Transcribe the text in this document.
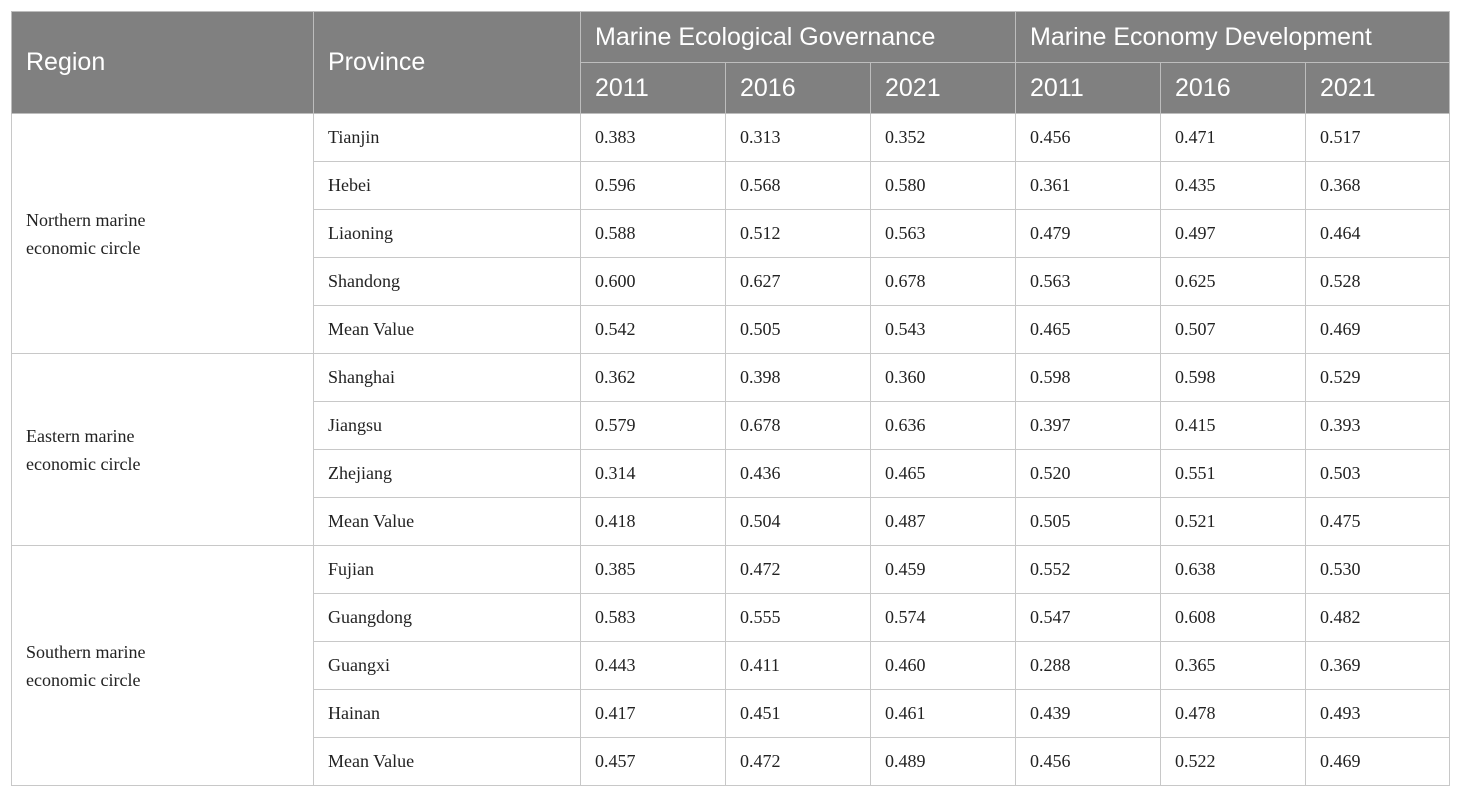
Region	Province	Marine Ecological Governance			Marine Economy Development		
		2011	2016	2021	2011	2016	2021

Northern marine
economic circle	Tianjin	0.383	0.313	0.352	0.456	0.471	0.517
	Hebei	0.596	0.568	0.580	0.361	0.435	0.368
	Liaoning	0.588	0.512	0.563	0.479	0.497	0.464
	Shandong	0.600	0.627	0.678	0.563	0.625	0.528
	Mean Value	0.542	0.505	0.543	0.465	0.507	0.469

Eastern marine
economic circle	Shanghai	0.362	0.398	0.360	0.598	0.598	0.529
	Jiangsu	0.579	0.678	0.636	0.397	0.415	0.393
	Zhejiang	0.314	0.436	0.465	0.520	0.551	0.503
	Mean Value	0.418	0.504	0.487	0.505	0.521	0.475

Southern marine
economic circle	Fujian	0.385	0.472	0.459	0.552	0.638	0.530
	Guangdong	0.583	0.555	0.574	0.547	0.608	0.482
	Guangxi	0.443	0.411	0.460	0.288	0.365	0.369
	Hainan	0.417	0.451	0.461	0.439	0.478	0.493
	Mean Value	0.457	0.472	0.489	0.456	0.522	0.469
